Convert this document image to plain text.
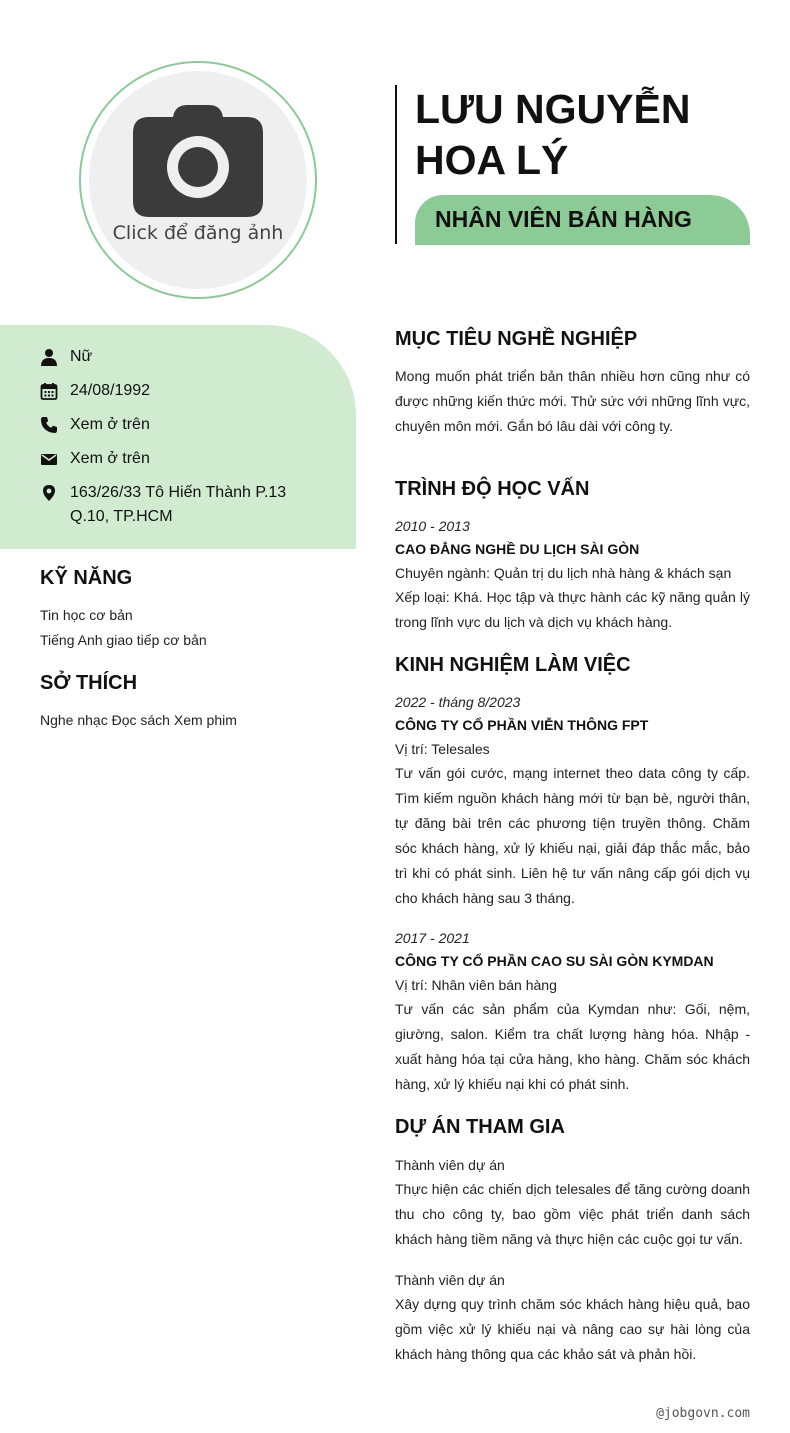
Click để đăng ảnh
LƯU NGUYỄN HOA LÝ
NHÂN VIÊN BÁN HÀNG
Nữ
24/08/1992
Xem ở trên
Xem ở trên
163/26/33 Tô Hiến Thành P.13
Q.10, TP.HCM
KỸ NĂNG
Tin học cơ bản
Tiếng Anh giao tiếp cơ bản
SỞ THÍCH
Nghe nhạc Đọc sách Xem phim
MỤC TIÊU NGHỀ NGHIỆP

Mong muốn phát triển bản thân nhiều hơn cũng như có được những kiến thức mới. Thử sức với những lĩnh vực, chuyên môn mới. Gắn bó lâu dài với công ty.

TRÌNH ĐỘ HỌC VẤN
2010 - 2013
CAO ĐẲNG NGHỀ DU LỊCH SÀI GÒN
Chuyên ngành: Quản trị du lịch nhà hàng & khách sạn

Xếp loại: Khá. Học tập và thực hành các kỹ năng quản lý trong lĩnh vực du lịch và dịch vụ khách hàng.

KINH NGHIỆM LÀM VIỆC
2022 - tháng 8/2023
CÔNG TY CỔ PHẦN VIỄN THÔNG FPT
Vị trí: Telesales

Tư vấn gói cước, mạng internet theo data công ty cấp. Tìm kiếm nguồn khách hàng mới từ bạn bè, người thân, tự đăng bài trên các phương tiện truyền thông. Chăm sóc khách hàng, xử lý khiếu nại, giải đáp thắc mắc, bảo trì khi có phát sinh. Liên hệ tư vấn nâng cấp gói dịch vụ cho khách hàng sau 3 tháng.

2017 - 2021
CÔNG TY CỔ PHẦN CAO SU SÀI GÒN KYMDAN
Vị trí: Nhân viên bán hàng

Tư vấn các sản phẩm của Kymdan như: Gối, nệm, giường, salon. Kiểm tra chất lượng hàng hóa. Nhập - xuất hàng hóa tại cửa hàng, kho hàng. Chăm sóc khách hàng, xử lý khiếu nại khi có phát sinh.

DỰ ÁN THAM GIA
Thành viên dự án

Thực hiện các chiến dịch telesales để tăng cường doanh thu cho công ty, bao gồm việc phát triển danh sách khách hàng tiềm năng và thực hiện các cuộc gọi tư vấn.

Thành viên dự án

Xây dựng quy trình chăm sóc khách hàng hiệu quả, bao gồm việc xử lý khiếu nại và nâng cao sự hài lòng của khách hàng thông qua các khảo sát và phản hồi.

@jobgovn.com
